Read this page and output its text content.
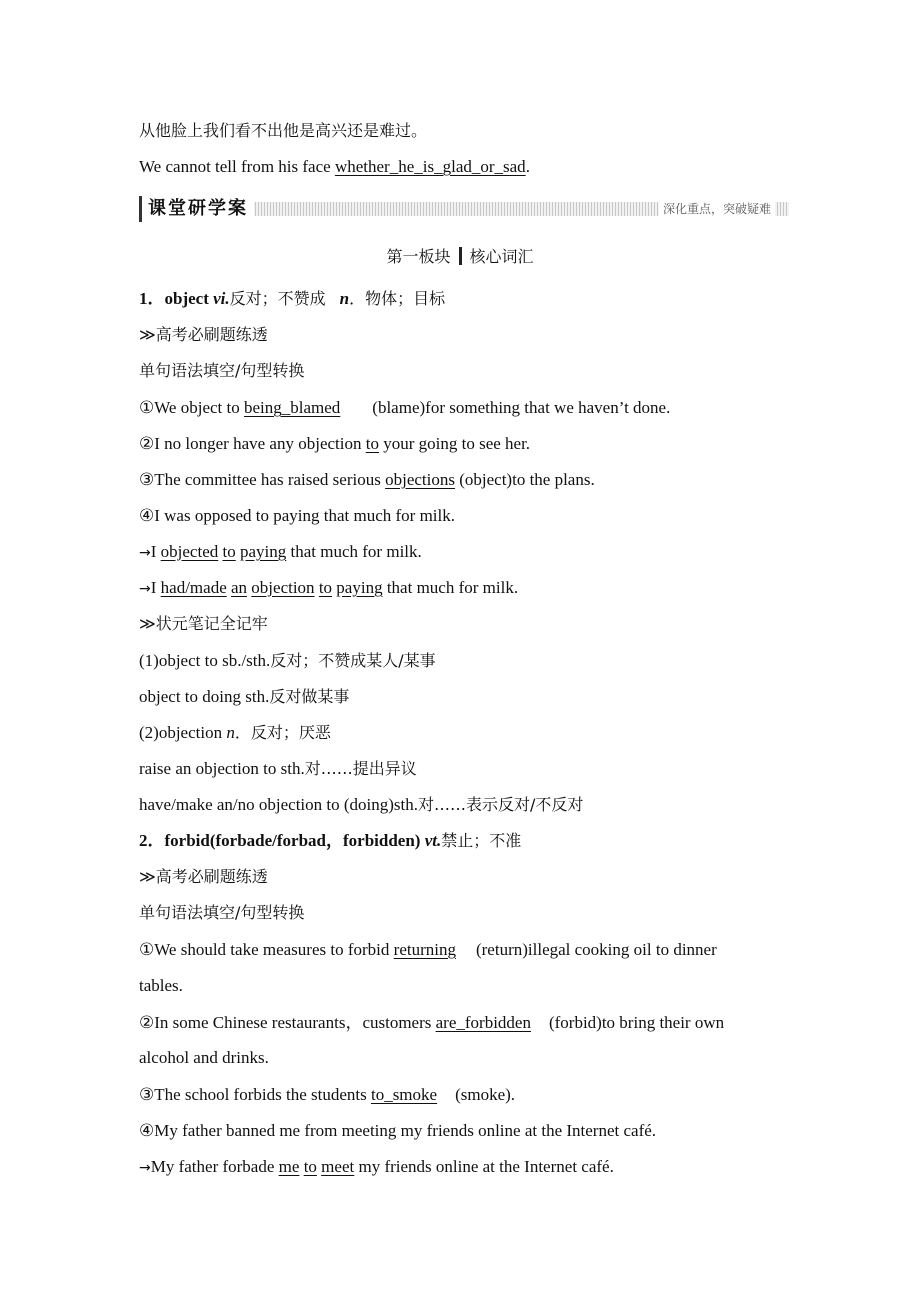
从他脸上我们看不出他是高兴还是难过。
We cannot tell from his face whether_he_is_glad_or_sad.
课堂研学案	深化重点，突破疑难
第一板块 核心词汇
1．object vi.反对；不赞成 n．物体；目标
≫高考必刷题练透
单句语法填空/句型转换
①We object to being_blamed (blame)for something that we haven’t done.
②I no longer have any objection to your going to see her.
③The committee has raised serious objections (object)to the plans.
④I was opposed to paying that much for milk.
→I objected to paying that much for milk.
→I had/made an objection to paying that much for milk.
≫状元笔记全记牢
(1)object to sb./sth.反对；不赞成某人/某事
object to doing sth.反对做某事
(2)objection n．反对；厌恶
raise an objection to sth.对……提出异议
have/make an/no objection to (doing)sth.对……表示反对/不反对
2．forbid(forbade/forbad，forbidden) vt.禁止；不准
≫高考必刷题练透
单句语法填空/句型转换
①We should take measures to forbid returning (return)illegal cooking oil to dinner
tables.
②In some Chinese restaurants，customers are_forbidden (forbid)to bring their own
alcohol and drinks.
③The school forbids the students to_smoke (smoke).
④My father banned me from meeting my friends online at the Internet café.
→My father forbade me to meet my friends online at the Internet café.
